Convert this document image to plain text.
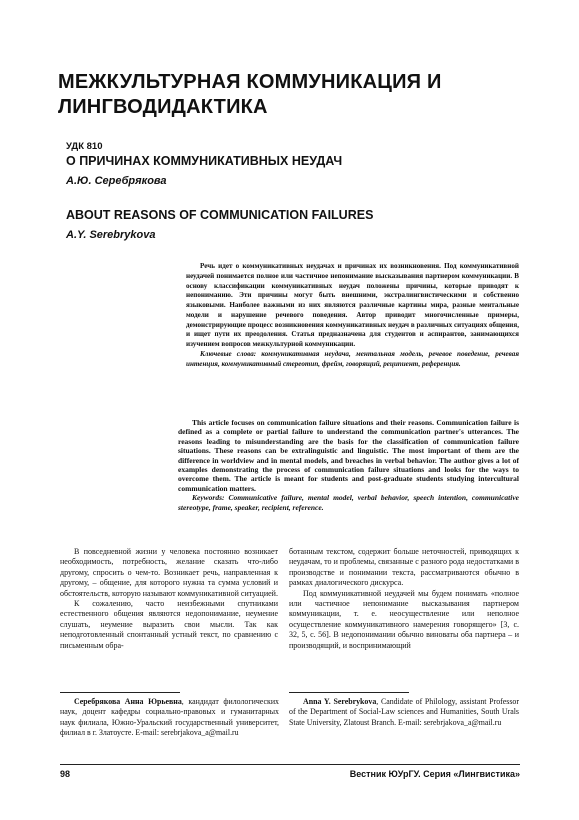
МЕЖКУЛЬТУРНАЯ КОММУНИКАЦИЯ И ЛИНГВОДИДАКТИКА
УДК 810
О ПРИЧИНАХ КОММУНИКАТИВНЫХ НЕУДАЧ
А.Ю. Серебрякова
ABOUT REASONS OF COMMUNICATION FAILURES
A.Y. Serebrykova

Речь идет о коммуникативных неудачах и причинах их возникновения. Под коммуникативной неудачей понимается полное или частичное непонимание высказывания партнером коммуникации. В основу классификации коммуникативных неудач положены причины, которые приводят к непониманию. Эти причины могут быть внешними, экстралингвистическими и собственно языковыми. Наиболее важными из них являются различные картины мира, разные ментальные модели и нарушение речевого поведения. Автор приводит многочисленные примеры, демонстрирующие процесс возникновения коммуникативных неудач в различных ситуациях общения, и ищет пути их преодоления. Статья предназначена для студентов и аспирантов, занимающихся изучением вопросов межкультурной коммуникации.

Ключевые слова: коммуникативная неудача, ментальная модель, речевое поведение, речевая интенция, коммуникативный стереотип, фрейм, говорящий, реципиент, референция.

This article focuses on communication failure situations and their reasons. Communication failure is defined as a complete or partial failure to understand the communication partner's utterances. The reasons leading to misunderstanding are the basis for the classification of communication failure situations. These reasons can be extralinguistic and linguistic. The most important of them are the difference in worldview and in mental models, and breaches in verbal behavior. The author gives a lot of examples demonstrating the process of communication failure situations and looks for the ways to overcome them. The article is meant for students and post-graduate students studying intercultural communication matters.

Keywords: Communicative failure, mental model, verbal behavior, speech intention, communicative stereotype, frame, speaker, recipient, reference.

В повседневной жизни у человека постоянно возникает необходимость, потребность, желание сказать что-либо другому, спросить о чем-то. Возникает речь, направленная к другому, – общение, для которого нужна та сумма условий и обстоятельств, которую называют коммуникативной ситуацией.

К сожалению, часто неизбежными спутниками естественного общения являются недопонимание, неумение слушать, неумение выразить свои мысли. Так как неподготовленный спонтанный устный текст, по сравнению с письменным обра-

ботанным текстом, содержит больше неточностей, приводящих к неудачам, то и проблемы, связанные с разного рода недостатками в производстве и понимании текста, рассматриваются обычно в рамках диалогического дискурса.

Под коммуникативной неудачей мы будем понимать «полное или частичное непонимание высказывания партнером коммуникации, т. е. неосуществление или неполное осуществление коммуникативного намерения говорящего» [3, с. 32, 5, с. 56]. В недопонимании обычно виноваты оба партнера – и производящий, и воспринимающий

Серебрякова Анна Юрьевна, кандидат филологических наук, доцент кафедры социально-правовых и гуманитарных наук филиала, Южно-Уральский государственный университет, филиал в г. Златоусте. E-mail: serebrjakova_a@mail.ru

Anna Y. Serebrykova, Candidate of Philology, assistant Professor of the Department of Social-Law sciences and Humanities, South Urals State University, Zlatoust Branch. E-mail: serebrjakova_a@mail.ru

98	Вестник ЮУрГУ. Серия «Лингвистика»
